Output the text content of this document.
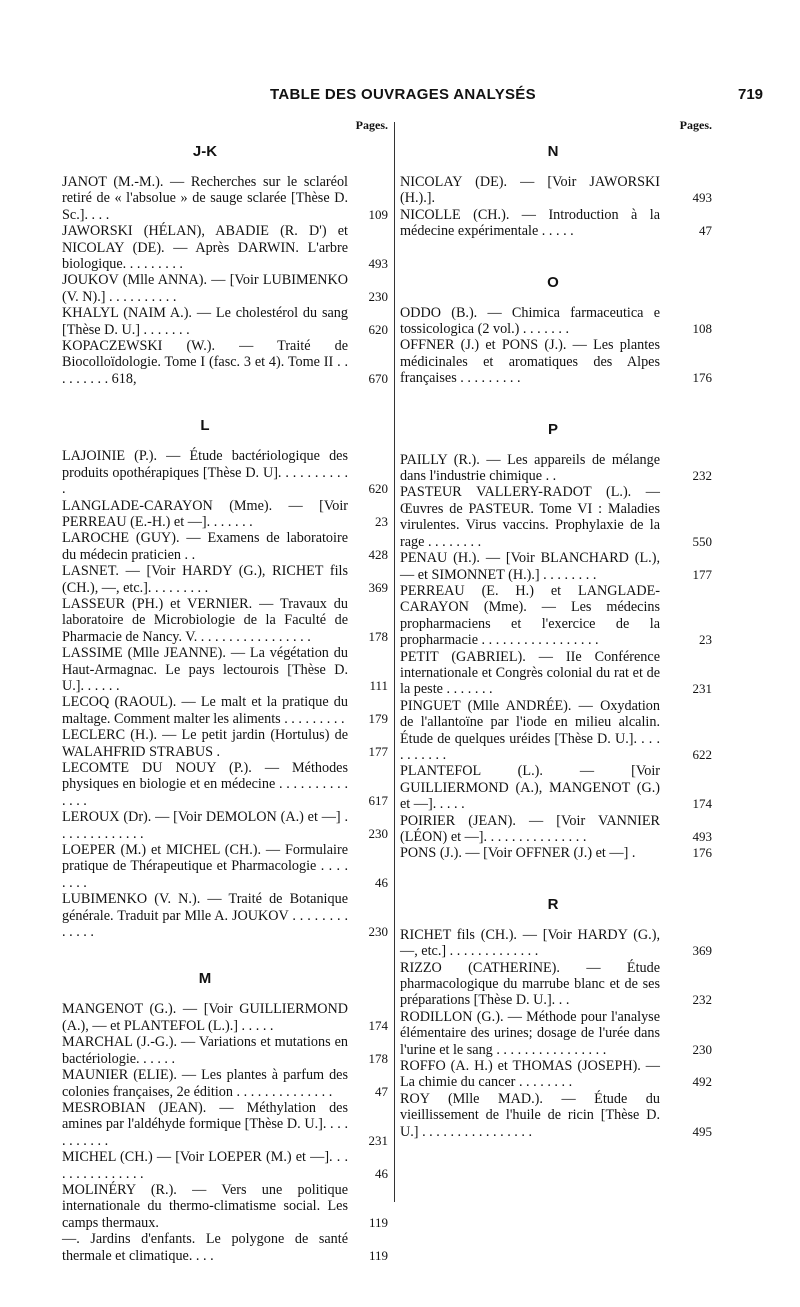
TABLE DES OUVRAGES ANALYSÉS	719
Pages.
J-K
JANOT (M.-M.). — Recherches sur le sclaréol retiré de « l'absolue » de sauge sclarée [Thèse D. Sc.]. . . .	109
JAWORSKI (HÉLAN), ABADIE (R. D') et NICOLAY (DE). — Après DARWIN. L'arbre biologique. . . . . . . . .	493
JOUKOV (Mlle ANNA). — [Voir LUBIMENKO (V. N).] . . . . . . . . . .	230
KHALYL (NAIM A.). — Le cholestérol du sang [Thèse D. U.] . . . . . . .	620
KOPACZEWSKI (W.). — Traité de Biocolloïdologie. Tome I (fasc. 3 et 4). Tome II . . . . . . . . . 618,	670
L
LAJOINIE (P.). — Étude bactériologique des produits opothérapiques [Thèse D. U]. . . . . . . . . . .	620
LANGLADE-CARAYON (Mme). — [Voir PERREAU (E.-H.) et —]. . . . . . .	23
LAROCHE (GUY). — Examens de laboratoire du médecin praticien . .	428
LASNET. — [Voir HARDY (G.), RICHET fils (CH.), —, etc.]. . . . . . . . .	369
LASSEUR (PH.) et VERNIER. — Travaux du laboratoire de Microbiologie de la Faculté de Pharmacie de Nancy. V. . . . . . . . . . . . . . . . .	178
LASSIME (Mlle JEANNE). — La végétation du Haut-Armagnac. Le pays lectourois [Thèse D. U.]. . . . . .	111
LECOQ (RAOUL). — Le malt et la pratique du maltage. Comment malter les aliments . . . . . . . . . 179
LECLERC (H.). — Le petit jardin (Hortulus) de WALAHFRID STRABUS .	177
LECOMTE DU NOUY (P.). — Méthodes physiques en biologie et en médecine . . . . . . . . . . . . . .	617
LEROUX (Dr). — [Voir DEMOLON (A.) et —] . . . . . . . . . . . . .	230
LOEPER (M.) et MICHEL (CH.). — Formulaire pratique de Thérapeutique et Pharmacologie . . . . . . . .	46
LUBIMENKO (V. N.). — Traité de Botanique générale. Traduit par Mlle A. JOUKOV . . . . . . . . . . . . .	230
M
MANGENOT (G.). — [Voir GUILLIERMOND (A.), — et PLANTEFOL (L.).] . . . . .	174
MARCHAL (J.-G.). — Variations et mutations en bactériologie. . . . . .	178
MAUNIER (ELIE). — Les plantes à parfum des colonies françaises, 2e édition . . . . . . . . . . . . . .	47
MESROBIAN (JEAN). — Méthylation des amines par l'aldéhyde formique [Thèse D. U.]. . . . . . . . . . .	231
MICHEL (CH.) — [Voir LOEPER (M.) et —]. . . . . . . . . . . . . . .	46
MOLINÉRY (R.). — Vers une politique internationale du thermo-climatisme social. Les camps thermaux.	119
—. Jardins d'enfants. Le polygone de santé thermale et climatique. . . .	119
Pages.
N
NICOLAY (DE). — [Voir JAWORSKI (H.).].	493
NICOLLE (CH.). — Introduction à la médecine expérimentale . . . . .	47
O
ODDO (B.). — Chimica farmaceutica e tossicologica (2 vol.) . . . . . . .	108
OFFNER (J.) et PONS (J.). — Les plantes médicinales et aromatiques des Alpes françaises . . . . . . . . .	176
P
PAILLY (R.). — Les appareils de mélange dans l'industrie chimique . .	232
PASTEUR VALLERY-RADOT (L.). — Œuvres de PASTEUR. Tome VI : Maladies virulentes. Virus vaccins. Prophylaxie de la rage . . . . . . . .	550
PENAU (H.). — [Voir BLANCHARD (L.), — et SIMONNET (H.).] . . . . . . . .	177
PERREAU (E. H.) et LANGLADE-CARAYON (Mme). — Les médecins propharmaciens et l'exercice de la propharmacie . . . . . . . . . . . . . . . . .	23
PETIT (GABRIEL). — IIe Conférence internationale et Congrès colonial du rat et de la peste . . . . . . .	231
PINGUET (Mlle ANDRÉE). — Oxydation de l'allantoïne par l'iode en milieu alcalin. Étude de quelques uréides [Thèse D. U.]. . . . . . . . . . .	622
PLANTEFOL (L.). — [Voir GUILLIERMOND (A.), MANGENOT (G.) et —]. . . . .	174
POIRIER (JEAN). — [Voir VANNIER (LÉON) et —]. . . . . . . . . . . . . . .	493
PONS (J.). — [Voir OFFNER (J.) et —] .	176
R
RICHET fils (CH.). — [Voir HARDY (G.), —, etc.] . . . . . . . . . . . . .	369
RIZZO (CATHERINE). — Étude pharmacologique du marrube blanc et de ses préparations [Thèse D. U.]. . .	232
RODILLON (G.). — Méthode pour l'analyse élémentaire des urines; dosage de l'urée dans l'urine et le sang . . . . . . . . . . . . . . . .	230
ROFFO (A. H.) et THOMAS (JOSEPH). — La chimie du cancer . . . . . . . .	492
ROY (Mlle MAD.). — Étude du vieillissement de l'huile de ricin [Thèse D. U.] . . . . . . . . . . . . . . . .	495
